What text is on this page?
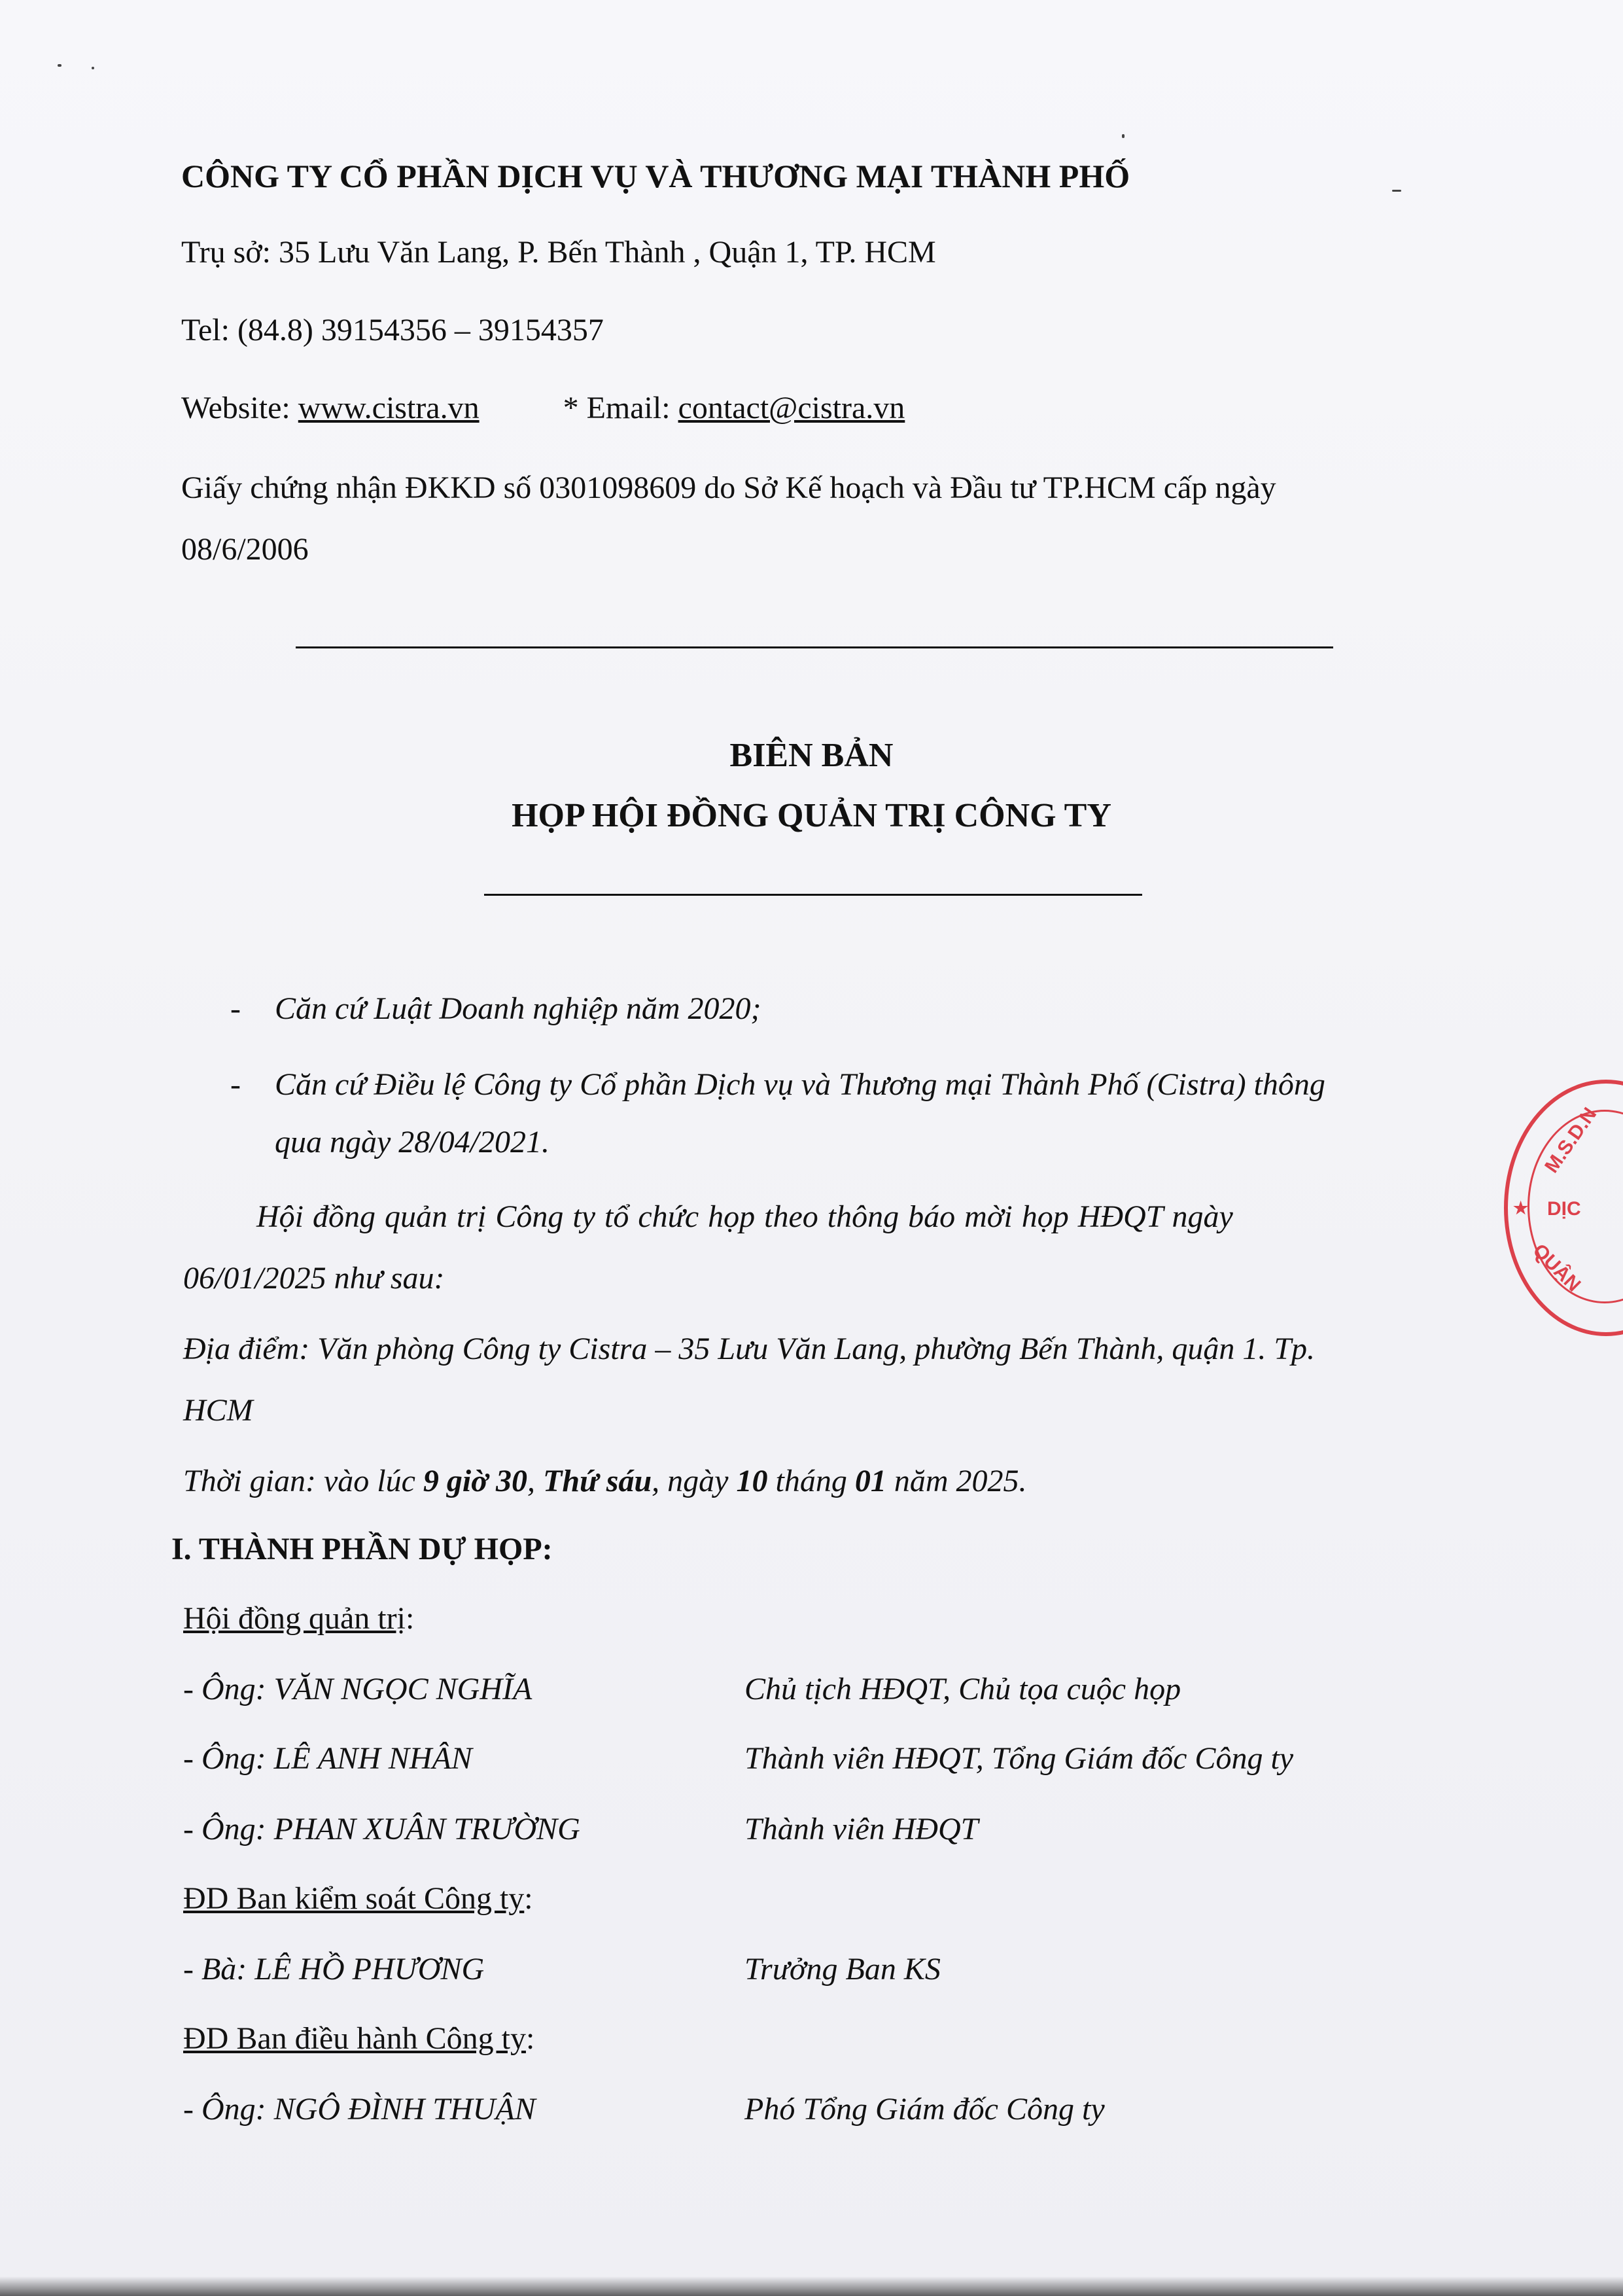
CÔNG TY CỔ PHẦN DỊCH VỤ VÀ THƯƠNG MẠI THÀNH PHỐ
Trụ sở: 35 Lưu Văn Lang, P. Bến Thành , Quận 1, TP. HCM
Tel: (84.8) 39154356 – 39154357
Website: www.cistra.vn	* Email: contact@cistra.vn
Giấy chứng nhận ĐKKD số 0301098609 do Sở Kế hoạch và Đầu tư TP.HCM cấp ngày
08/6/2006
BIÊN BẢN
HỌP HỘI ĐỒNG QUẢN TRỊ CÔNG TY
- Căn cứ Luật Doanh nghiệp năm 2020;
- Căn cứ Điều lệ Công ty Cổ phần Dịch vụ và Thương mại Thành Phố (Cistra) thông
qua ngày 28/04/2021.
Hội đồng quản trị Công ty tổ chức họp theo thông báo mời họp HĐQT ngày
06/01/2025 như sau:
Địa điểm: Văn phòng Công ty Cistra – 35 Lưu Văn Lang, phường Bến Thành, quận 1. Tp.
HCM
Thời gian: vào lúc 9 giờ 30, Thứ sáu, ngày 10 tháng 01 năm 2025.
I. THÀNH PHẦN DỰ HỌP:
Hội đồng quản trị:
- Ông: VĂN NGỌC NGHĨA	Chủ tịch HĐQT, Chủ tọa cuộc họp
- Ông: LÊ ANH NHÂN	Thành viên HĐQT, Tổng Giám đốc Công ty
- Ông: PHAN XUÂN TRƯỜNG	Thành viên HĐQT
ĐD Ban kiểm soát Công ty:
- Bà: LÊ HỒ PHƯƠNG	Trưởng Ban KS
ĐD Ban điều hành Công ty:
- Ông: NGÔ ĐÌNH THUẬN	Phó Tổng Giám đốc Công ty
M.S.D.N
DỊC
QUẬN
★
